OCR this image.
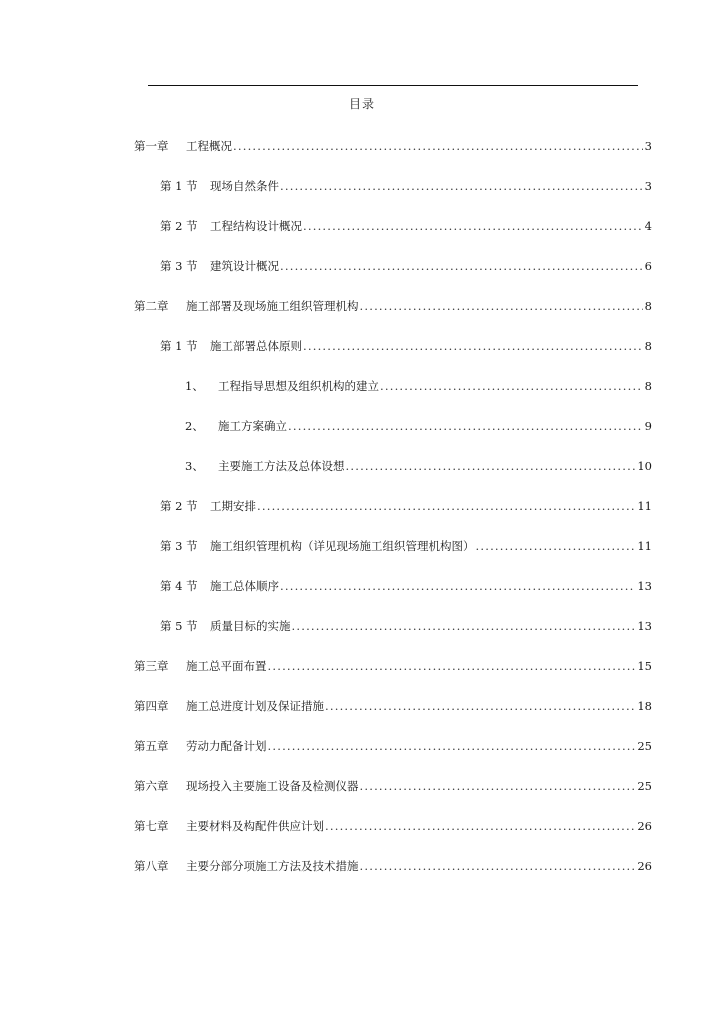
目录
第一章	工程概况 .....	3
第 1 节	现场自然条件 .....	3
第 2 节	工程结构设计概况 .....	4
第 3 节	建筑设计概况 .....	6
第二章	施工部署及现场施工组织管理机构 .....	8
第 1 节	施工部署总体原则 .....	8
1、	工程指导思想及组织机构的建立 .....	8
2、	施工方案确立 .....	9
3、	主要施工方法及总体设想 .....	10
第 2 节	工期安排 .....	11
第 3 节	施工组织管理机构（详见现场施工组织管理机构图） .....	11
第 4 节	施工总体顺序 .....	13
第 5 节	质量目标的实施 .....	13
第三章	施工总平面布置 .....	15
第四章	施工总进度计划及保证措施 .....	18
第五章	劳动力配备计划 .....	25
第六章	现场投入主要施工设备及检测仪器 .....	25
第七章	主要材料及构配件供应计划 .....	26
第八章	主要分部分项施工方法及技术措施 .....	26
